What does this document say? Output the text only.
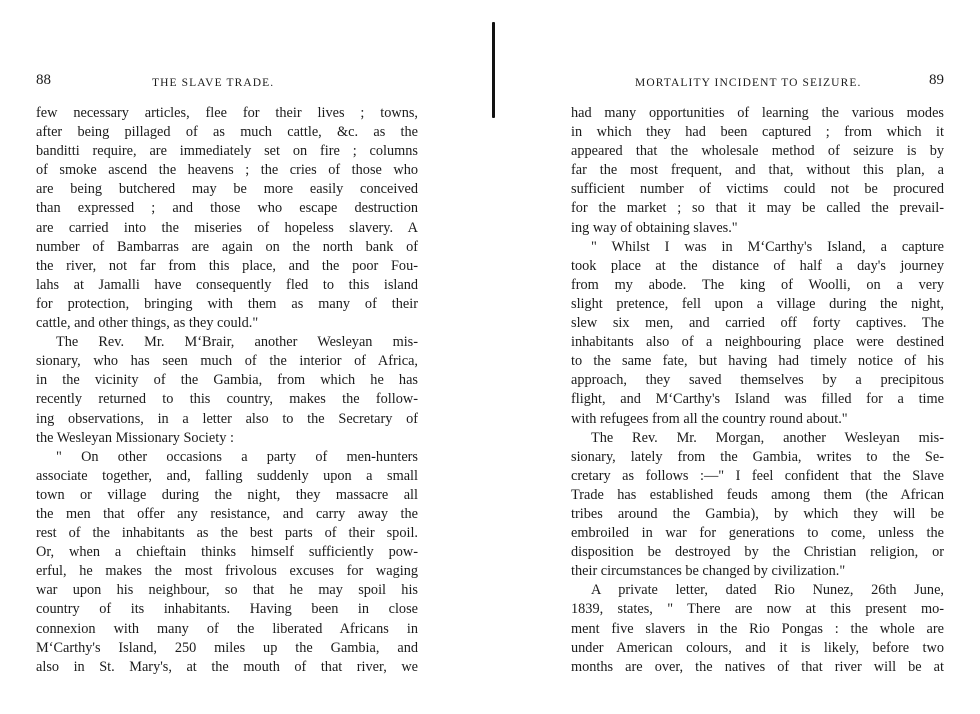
88	THE SLAVE TRADE.
few necessary articles, flee for their lives ; towns,
after being pillaged of as much cattle, &c. as the
banditti require, are immediately set on fire ; columns
of smoke ascend the heavens ; the cries of those who
are being butchered may be more easily conceived
than expressed ; and those who escape destruction
are carried into the miseries of hopeless slavery. A
number of Bambarras are again on the north bank of
the river, not far from this place, and the poor Fou-
lahs at Jamalli have consequently fled to this island
for protection, bringing with them as many of their
cattle, and other things, as they could."
The Rev. Mr. M‘Brair, another Wesleyan mis-
sionary, who has seen much of the interior of Africa,
in the vicinity of the Gambia, from which he has
recently returned to this country, makes the follow-
ing observations, in a letter also to the Secretary of
the Wesleyan Missionary Society :
" On other occasions a party of men-hunters
associate together, and, falling suddenly upon a small
town or village during the night, they massacre all
the men that offer any resistance, and carry away the
rest of the inhabitants as the best parts of their spoil.
Or, when a chieftain thinks himself sufficiently pow-
erful, he makes the most frivolous excuses for waging
war upon his neighbour, so that he may spoil his
country of its inhabitants. Having been in close
connexion with many of the liberated Africans in
M‘Carthy's Island, 250 miles up the Gambia, and
also in St. Mary's, at the mouth of that river, we
MORTALITY INCIDENT TO SEIZURE.	89
had many opportunities of learning the various modes
in which they had been captured ; from which it
appeared that the wholesale method of seizure is by
far the most frequent, and that, without this plan, a
sufficient number of victims could not be procured
for the market ; so that it may be called the prevail-
ing way of obtaining slaves."
" Whilst I was in M‘Carthy's Island, a capture
took place at the distance of half a day's journey
from my abode. The king of Woolli, on a very
slight pretence, fell upon a village during the night,
slew six men, and carried off forty captives. The
inhabitants also of a neighbouring place were destined
to the same fate, but having had timely notice of his
approach, they saved themselves by a precipitous
flight, and M‘Carthy's Island was filled for a time
with refugees from all the country round about."
The Rev. Mr. Morgan, another Wesleyan mis-
sionary, lately from the Gambia, writes to the Se-
cretary as follows :—" I feel confident that the Slave
Trade has established feuds among them (the African
tribes around the Gambia), by which they will be
embroiled in war for generations to come, unless the
disposition be destroyed by the Christian religion, or
their circumstances be changed by civilization."
A private letter, dated Rio Nunez, 26th June,
1839, states, " There are now at this present mo-
ment five slavers in the Rio Pongas : the whole are
under American colours, and it is likely, before two
months are over, the natives of that river will be at
